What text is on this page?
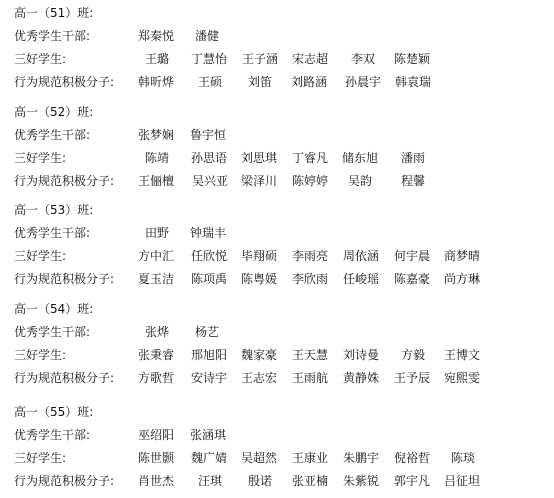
高一（51）班:
优秀学生干部:	郑秦悦 潘健
三好学生:	王璐 丁慧怡 王子涵 宋志超 李双 陈楚颖
行为规范积极分子: 韩昕烨 王硕 刘笛 刘路涵 孙晨宇 韩袁瑞
高一（52）班:
优秀学生干部:	张梦娴 鲁宇恒
三好学生:	陈靖 孙思语 刘思琪 丁睿凡 储东旭 潘雨
行为规范积极分子: 王俪檀 吴兴亚 梁泽川 陈婷婷 吴韵 程馨
高一（53）班:
优秀学生干部:	田野 钟瑞丰
三好学生:	方中汇 任欣悦 毕翔硕 李雨亮 周依涵 何宇晨 商梦晴
行为规范积极分子: 夏玉洁 陈项禹 陈粤媛 李欣雨 任峻瑶 陈嘉豪 尚方琳
高一（54）班:
优秀学生干部:	张烨 杨艺
三好学生:	张秉睿 邢旭阳 魏家豪 王天慧 刘诗曼 方毅 王博文
行为规范积极分子: 方歌哲 安诗宇 王志宏 王雨航 黄静姝 王予辰 宛熙雯
高一（55）班:
优秀学生干部:	巫绍阳 张涵琪
三好学生:	陈世颢 魏广婧 吴超然 王康业 朱鹏宇 倪裕哲 陈琰
行为规范积极分子: 肖世杰 汪琪 殷诺 张亚楠 朱紫锐 郭宇凡 吕征坦
